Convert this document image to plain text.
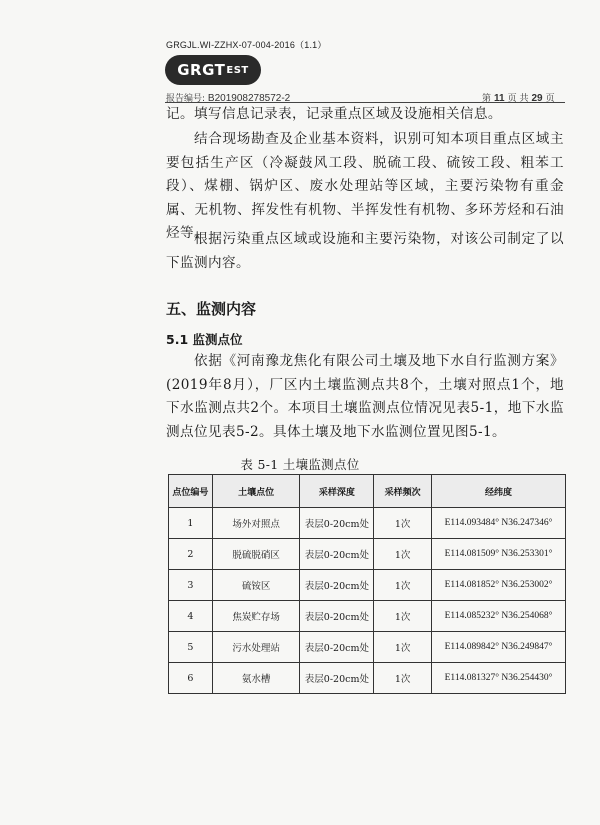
GRGJL.WI-ZZHX-07-004-2016（1.1）
GRGT EST
报告编号: B201908278572-2	第 11 页 共 29 页
记。填写信息记录表，记录重点区域及设施相关信息。
结合现场勘查及企业基本资料，识别可知本项目重点区域主要包括生产区（冷凝鼓风工段、脱硫工段、硫铵工段、粗苯工段）、煤棚、锅炉区、废水处理站等区域，主要污染物有重金属、无机物、挥发性有机物、半挥发性有机物、多环芳烃和石油烃等。
根据污染重点区域或设施和主要污染物，对该公司制定了以下监测内容。
五、监测内容
5.1 监测点位
依据《河南豫龙焦化有限公司土壤及地下水自行监测方案》(2019年8月），厂区内土壤监测点共8个，土壤对照点1个，地下水监测点共2个。本项目土壤监测点位情况见表5-1，地下水监测点位见表5-2。具体土壤及地下水监测位置见图5-1。
表 5-1 土壤监测点位
点位编号	土壤点位	采样深度	采样频次	经纬度
1	场外对照点	表层0-20cm处	1次	E114.093484° N36.247346°
2	脱硫脱硝区	表层0-20cm处	1次	E114.081509° N36.253301°
3	硫铵区	表层0-20cm处	1次	E114.081852° N36.253002°
4	焦炭贮存场	表层0-20cm处	1次	E114.085232° N36.254068°
5	污水处理站	表层0-20cm处	1次	E114.089842° N36.249847°
6	氨水槽	表层0-20cm处	1次	E114.081327° N36.254430°
